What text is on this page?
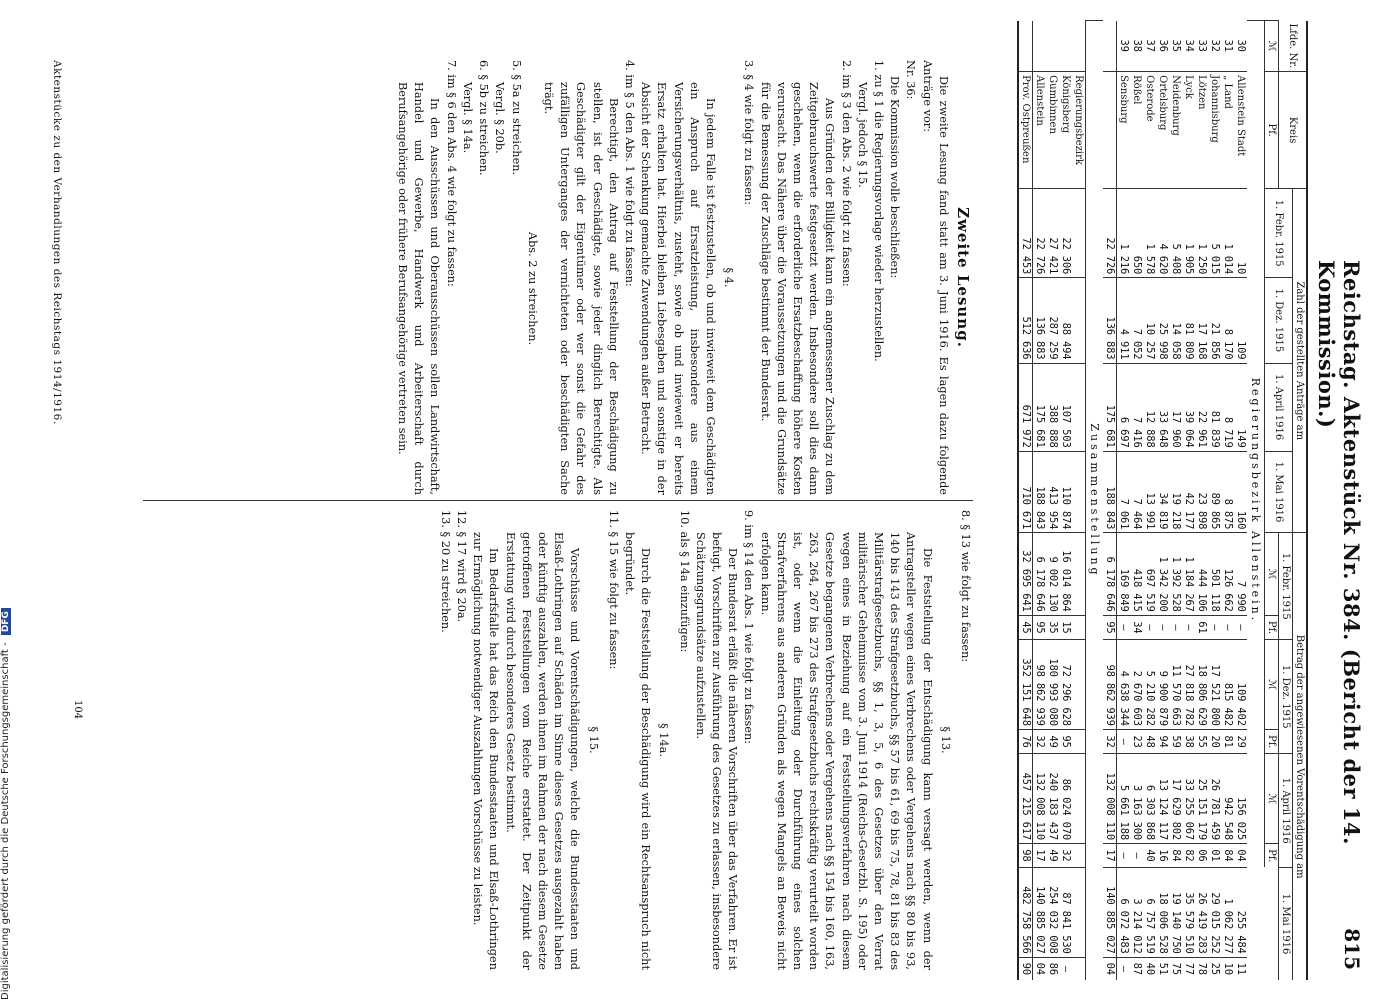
Reichstag. Aktenstück Nr. 384. (Bericht der 14. Kommission.)
815
Lfde. Nr.	Kreis	Zahl der gestellten Anträge am				Betrag der angewiesenen Vorentschädigung am							
		1. Febr. 1915	1. Dez. 1915	1. April 1916	1. Mai 1916	1. Febr. 1915		1. Dez. 1915		1. April 1916		1. Mai 1916	
ℳ	Pf.					ℳ	Pf.	ℳ	Pf.	ℳ	Pf.		
Regierungsbezirk Allenstein.													
30	Allenstein Stadt	10	109	149	160	7 990	—	109 402	29	156 025	04	255 484	11
31	„ Land	1 014	8 170	8 719	8 875	126 662	—	815 482	81	942 548	84	1 062 277	10
32	Johannisburg	5 015	21 856	81 839	89 865	501 118	—	17 521 800	20	26 781 459	01	29 015 252	25
33	Lötzen	1 250	17 168	22 961	23 898	444 106	61	18 806 629	55	25 151 179	06	26 419 283	78
34	Lyck	1 905	81 809	39 064	42 177	1 184 267	—	27 818 782	38	33 255 067	82	35 579 510	77
35	Neidenburg	5 408	14 058	17 960	19 218	1 392 528	—	11 570 663	59	17 629 802	84	19 140 750	75
36	Ortelsburg	4 620	25 998	33 648	34 819	1 342 200	—	9 900 879	94	13 124 117	16	18 006 528	51
37	Osterode	1 578	10 257	12 888	13 991	697 519	—	5 210 282	48	6 303 868	40	6 757 519	40
38	Rößel	650	7 052	7 416	7 464	418 415	34	2 670 603	23	3 163 300	—	3 214 012	87
39	Sensburg	1 216	4 911	6 697	7 061	169 849	—	4 638 344	—	5 661 188	—	6 072 483	—
		22 726	136 883	175 681	188 843	6 178 646	95	98 862 939	32	132 008 110	17	140 885 027	04
Zusammenstellung													
	Regierungsbezirk												
	Königsberg	22 306	88 494	107 503	110 874	16 014 864	15	72 296 628	95	86 024 070	32	87 841 530	—
	Gumbinnen	27 421	287 259	388 888	413 954	9 002 130	35	180 993 080	49	240 183 437	49	254 032 008	86
	Allenstein	22 726	136 883	175 681	188 843	6 178 646	95	98 862 939	32	132 008 110	17	140 885 027	04
	Prov. Ostpreußen	72 453	512 636	671 972	710 671	32 695 641	45	352 151 648	76	457 215 617	98	482 758 566	90
Zweite Lesung.

Die zweite Lesung fand statt am 3. Juni 1916. Es lagen dazu folgende Anträge vor:

Nr. 36:

Die Kommission wolle beschließen:

1. zu § 1 die Regierungsvorlage wieder herzustellen.

Vergl. jedoch § 15.

2. im § 3 den Abs. 2 wie folgt zu fassen:

Aus Gründen der Billigkeit kann ein angemessener Zuschlag zu dem Zeitgebrauchswerte festgesetzt werden. Insbesondere soll dies dann geschehen, wenn die erforderliche Ersatzbeschaffung höhere Kosten verursacht. Das Nähere über die Voraussetzungen und die Grundsätze für die Bemessung der Zuschläge bestimmt der Bundesrat.

3. § 4 wie folgt zu fassen:

§ 4.

In jedem Falle ist festzustellen, ob und inwieweit dem Geschädigten ein Anspruch auf Ersatzleistung, insbesondere aus einem Versicherungsverhältnis, zusteht, sowie ob und inwieweit er bereits Ersatz erhalten hat. Hierbei bleiben Liebesgaben und sonstige in der Absicht der Schenkung gemachte Zuwendungen außer Betracht.

4. im § 5 den Abs. 1 wie folgt zu fassen:

Berechtigt, den Antrag auf Feststellung der Beschädigung zu stellen, ist der Geschädigte, sowie jeder dinglich Berechtigte. Als Geschädigter gilt der Eigentümer oder wer sonst die Gefahr des zufälligen Unterganges der vernichteten oder beschädigten Sache trägt.

Abs. 2 zu streichen.

5. § 5a zu streichen.

Vergl. § 20b.

6. § 5b zu streichen.

Vergl. § 14a.

7. im § 6 den Abs. 4 wie folgt zu fassen:

In den Ausschüssen und Oberausschüssen sollen Landwirtschaft, Handel und Gewerbe, Handwerk und Arbeiterschaft durch Berufsangehörige oder frühere Berufsangehörige vertreten sein.

8. § 13 wie folgt zu fassen:

§ 13.

Die Feststellung der Entschädigung kann versagt werden, wenn der Antragsteller wegen eines Verbrechens oder Vergehens nach §§ 80 bis 93, 140 bis 143 des Strafgesetzbuchs, §§ 57 bis 61, 69 bis 75, 78, 81 bis 83 des Militärstrafgesetzbuchs, §§ 1, 3, 5, 6 des Gesetzes über den Verrat militärischer Geheimnisse vom 3. Juni 1914 (Reichs-Gesetzbl. S. 195) oder wegen eines in Beziehung auf ein Feststellungsverfahren nach diesem Gesetze begangenen Verbrechens oder Vergehens nach §§ 154 bis 160, 163, 263, 264, 267 bis 273 des Strafgesetzbuchs rechtskräftig verurteilt worden ist, oder wenn die Einleitung oder Durchführung eines solchen Strafverfahrens aus anderen Gründen als wegen Mangels an Beweis nicht erfolgen kann.

9. im § 14 den Abs. 1 wie folgt zu fassen:

Der Bundesrat erläßt die näheren Vorschriften über das Verfahren. Er ist befugt, Vorschriften zur Ausführung des Gesetzes zu erlassen, insbesondere Schätzungsgrundsätze aufzustellen.

10. als § 14a einzufügen:

§ 14a.

Durch die Feststellung der Beschädigung wird ein Rechtsanspruch nicht begründet.

11. § 15 wie folgt zu fassen:

§ 15.

Vorschüsse und Vorentschädigungen, welche die Bundesstaaten und Elsaß-Lothringen auf Schäden im Sinne dieses Gesetzes ausgezahlt haben oder künftig auszahlen, werden ihnen im Rahmen der nach diesem Gesetze getroffenen Feststellungen vom Reiche erstattet. Der Zeitpunkt der Erstattung wird durch besonderes Gesetz bestimmt.

Im Bedarfsfalle hat das Reich den Bundesstaaten und Elsaß-Lothringen zur Ermöglichung notwendiger Auszahlungen Vorschüsse zu leisten.

12. § 17 wird § 20a.

13. § 20 zu streichen.

104
Aktenstücke zu den Verhandlungen des Reichstags 1914/1916.
Digitalisierung gefördert durch die Deutsche Forschungsgemeinschaft - DFG
